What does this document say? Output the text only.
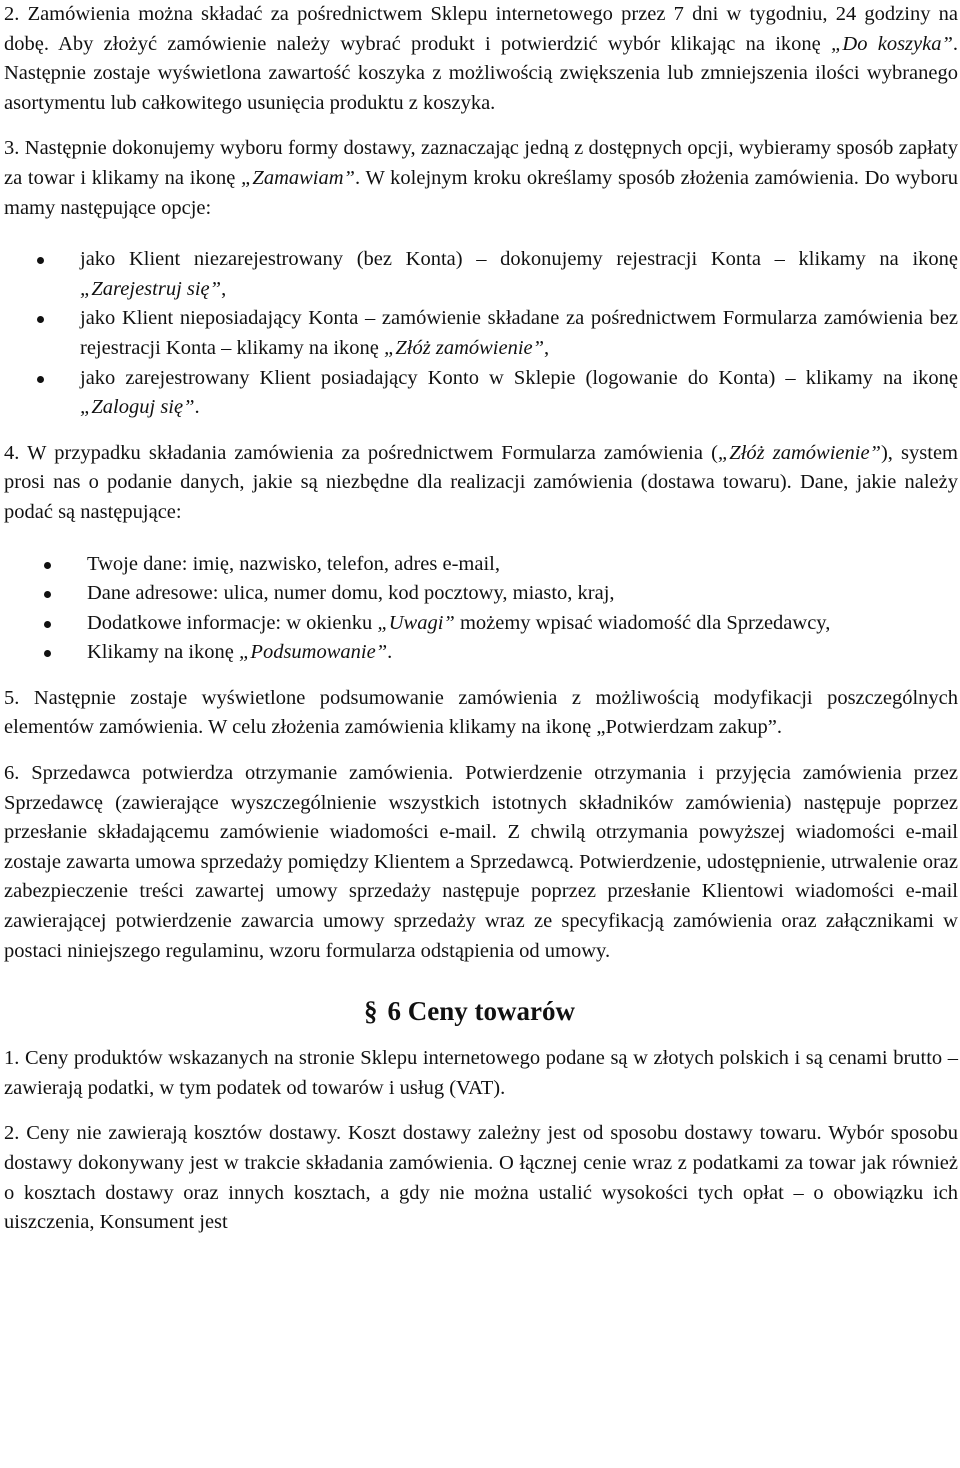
2. Zamówienia można składać za pośrednictwem Sklepu internetowego przez 7 dni w tygodniu, 24 godziny na dobę. Aby złożyć zamówienie należy wybrać produkt i potwierdzić wybór klikając na ikonę „Do koszyka”. Następnie zostaje wyświetlona zawartość koszyka z możliwością zwiększenia lub zmniejszenia ilości wybranego asortymentu lub całkowitego usunięcia produktu z koszyka.

3. Następnie dokonujemy wyboru formy dostawy, zaznaczając jedną z dostępnych opcji, wybieramy sposób zapłaty za towar i klikamy na ikonę „Zamawiam”. W kolejnym kroku określamy sposób złożenia zamówienia. Do wyboru mamy następujące opcje:

jako Klient niezarejestrowany (bez Konta) – dokonujemy rejestracji Konta – klikamy na ikonę „Zarejestruj się”,
jako Klient nieposiadający Konta – zamówienie składane za pośrednictwem Formularza zamówienia bez rejestracji Konta – klikamy na ikonę „Złóż zamówienie”,
jako zarejestrowany Klient posiadający Konto w Sklepie (logowanie do Konta) – klikamy na ikonę „Zaloguj się”.

4. W przypadku składania zamówienia za pośrednictwem Formularza zamówienia („Złóż zamówienie”), system prosi nas o podanie danych, jakie są niezbędne dla realizacji zamówienia (dostawa towaru). Dane, jakie należy podać są następujące:

Twoje dane: imię, nazwisko, telefon, adres e-mail,
Dane adresowe: ulica, numer domu, kod pocztowy, miasto, kraj,
Dodatkowe informacje: w okienku „Uwagi” możemy wpisać wiadomość dla Sprzedawcy,
Klikamy na ikonę „Podsumowanie”.

5. Następnie zostaje wyświetlone podsumowanie zamówienia z możliwością modyfikacji poszczególnych elementów zamówienia. W celu złożenia zamówienia klikamy na ikonę „Potwierdzam zakup”.

6. Sprzedawca potwierdza otrzymanie zamówienia. Potwierdzenie otrzymania i przyjęcia zamówienia przez Sprzedawcę (zawierające wyszczególnienie wszystkich istotnych składników zamówienia) następuje poprzez przesłanie składającemu zamówienie wiadomości e-mail. Z chwilą otrzymania powyższej wiadomości e-mail zostaje zawarta umowa sprzedaży pomiędzy Klientem a Sprzedawcą. Potwierdzenie, udostępnienie, utrwalenie oraz zabezpieczenie treści zawartej umowy sprzedaży następuje poprzez przesłanie Klientowi wiadomości e-mail zawierającej potwierdzenie zawarcia umowy sprzedaży wraz ze specyfikacją zamówienia oraz załącznikami w postaci niniejszego regulaminu, wzoru formularza odstąpienia od umowy.

§ 6 Ceny towarów

1. Ceny produktów wskazanych na stronie Sklepu internetowego podane są w złotych polskich i są cenami brutto – zawierają podatki, w tym podatek od towarów i usług (VAT).

2. Ceny nie zawierają kosztów dostawy. Koszt dostawy zależny jest od sposobu dostawy towaru. Wybór sposobu dostawy dokonywany jest w trakcie składania zamówienia. O łącznej cenie wraz z podatkami za towar jak również o kosztach dostawy oraz innych kosztach, a gdy nie można ustalić wysokości tych opłat – o obowiązku ich uiszczenia, Konsument jest
